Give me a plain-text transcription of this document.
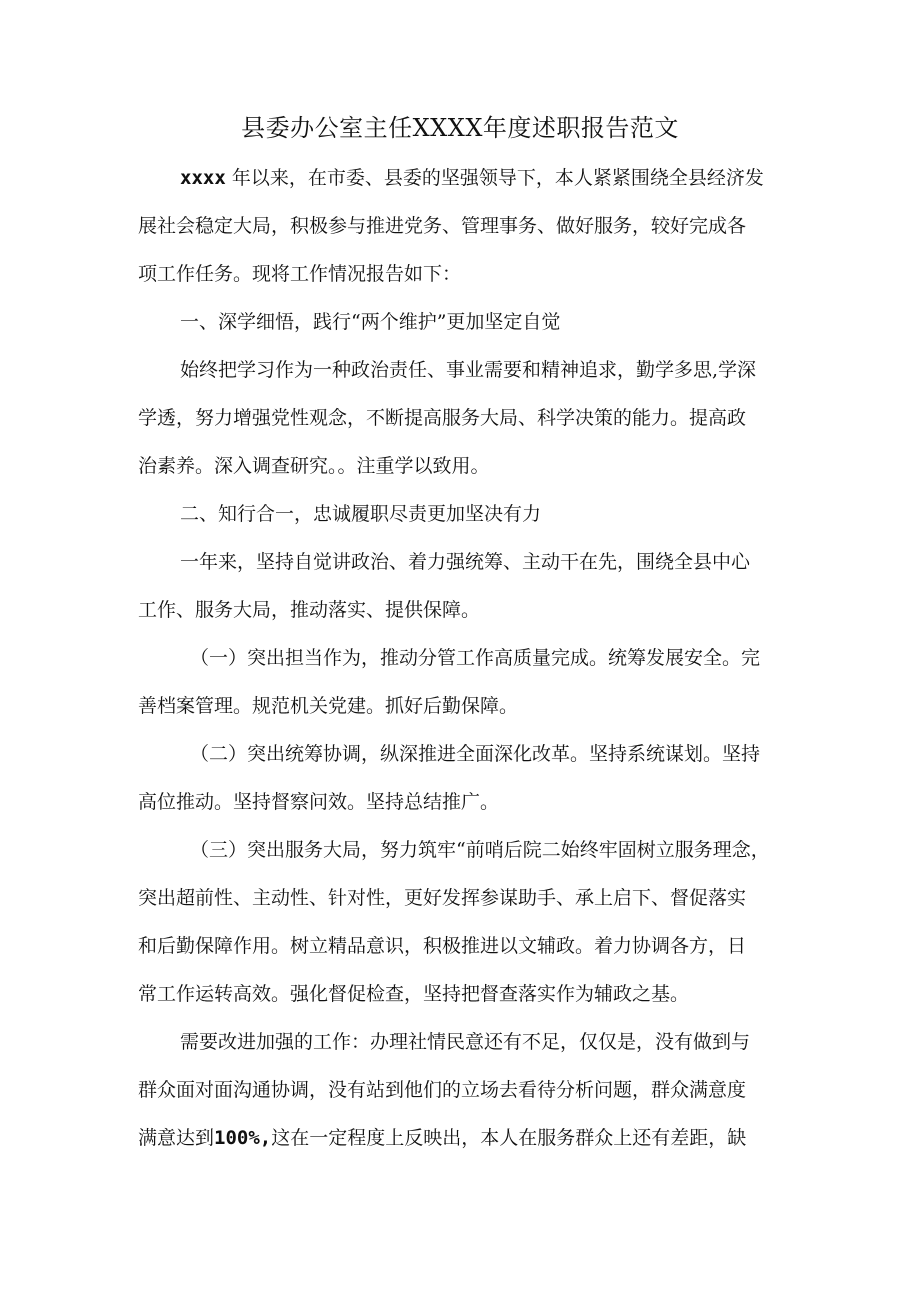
县委办公室主任XXXX年度述职报告范文

xxxx 年以来，在市委、县委的坚强领导下，本人紧紧围绕全县经济发

展社会稳定大局，积极参与推进党务、管理事务、做好服务，较好完成各

项工作任务。现将工作情况报告如下：

一、深学细悟，践行“两个维护”更加坚定自觉

始终把学习作为一种政治责任、事业需要和精神追求，勤学多思,学深

学透，努力增强党性观念，不断提高服务大局、科学决策的能力。提高政

治素养。深入调查研究。。注重学以致用。

二、知行合一，忠诚履职尽责更加坚决有力

一年来，坚持自觉讲政治、着力强统筹、主动干在先，围绕全县中心

工作、服务大局，推动落实、提供保障。

（一）突出担当作为，推动分管工作高质量完成。统筹发展安全。完

善档案管理。规范机关党建。抓好后勤保障。

（二）突出统筹协调，纵深推进全面深化改革。坚持系统谋划。坚持

高位推动。坚持督察问效。坚持总结推广。

（三）突出服务大局，努力筑牢“前哨后院二始终牢固树立服务理念，

突出超前性、主动性、针对性，更好发挥参谋助手、承上启下、督促落实

和后勤保障作用。树立精品意识，积极推进以文辅政。着力协调各方，日

常工作运转高效。强化督促检查，坚持把督查落实作为辅政之基。

需要改进加强的工作：办理社情民意还有不足，仅仅是，没有做到与

群众面对面沟通协调，没有站到他们的立场去看待分析问题，群众满意度

满意达到100%,这在一定程度上反映出，本人在服务群众上还有差距，缺
